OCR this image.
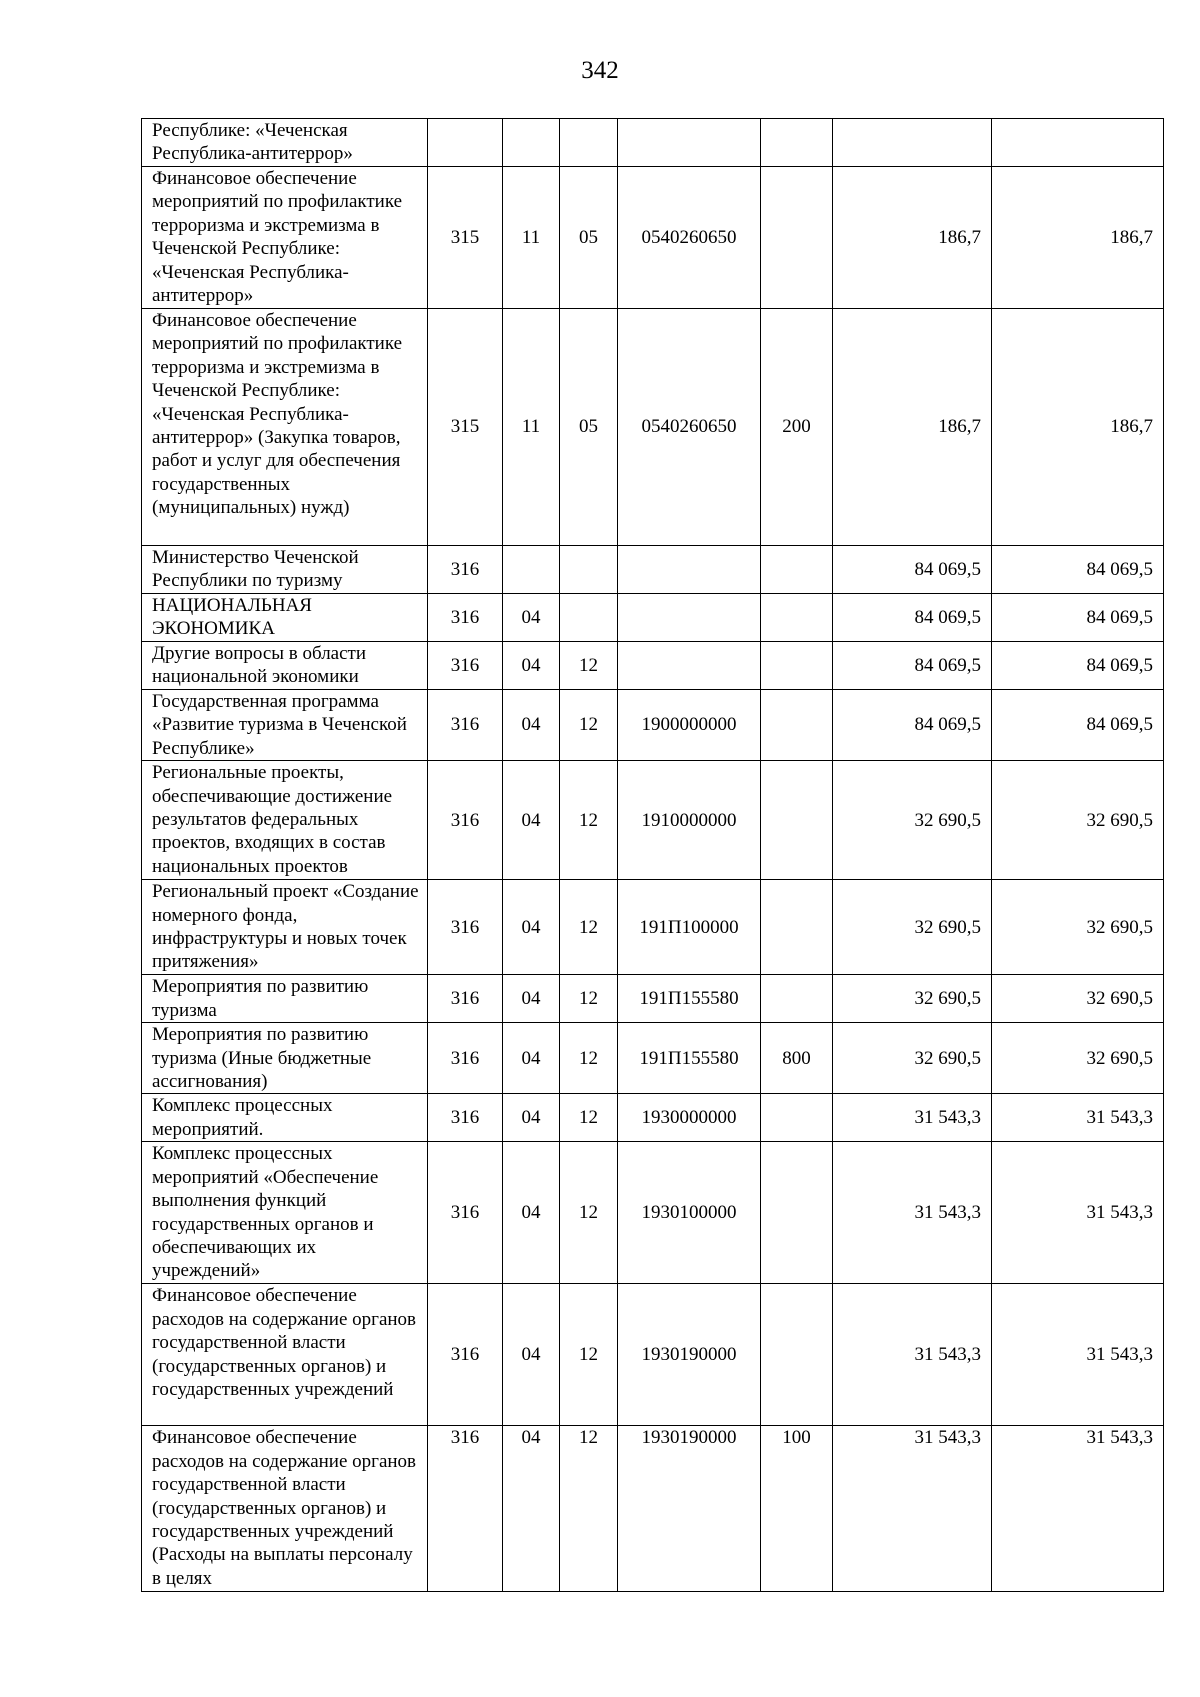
342
Республике: «Чеченская Республика-антитеррор»							
Финансовое обеспечение мероприятий по профилактике терроризма и экстремизма в Чеченской Республике: «Чеченская Республика-антитеррор»	315	11	05	0540260650		186,7	186,7
Финансовое обеспечение мероприятий по профилактике терроризма и экстремизма в Чеченской Республике: «Чеченская Республика-антитеррор» (Закупка товаров, работ и услуг для обеспечения государственных (муниципальных) нужд)	315	11	05	0540260650	200	186,7	186,7
Министерство Чеченской Республики по туризму	316					84 069,5	84 069,5
НАЦИОНАЛЬНАЯ ЭКОНОМИКА	316	04				84 069,5	84 069,5
Другие вопросы в области национальной экономики	316	04	12			84 069,5	84 069,5
Государственная программа «Развитие туризма в Чеченской Республике»	316	04	12	1900000000		84 069,5	84 069,5
Региональные проекты, обеспечивающие достижение результатов федеральных проектов, входящих в состав национальных проектов	316	04	12	1910000000		32 690,5	32 690,5
Региональный проект «Создание номерного фонда, инфраструктуры и новых точек притяжения»	316	04	12	191П100000		32 690,5	32 690,5
Мероприятия по развитию туризма	316	04	12	191П155580		32 690,5	32 690,5
Мероприятия по развитию туризма (Иные бюджетные ассигнования)	316	04	12	191П155580	800	32 690,5	32 690,5
Комплекс процессных мероприятий.	316	04	12	1930000000		31 543,3	31 543,3
Комплекс процессных мероприятий «Обеспечение выполнения функций государственных органов и обеспечивающих их учреждений»	316	04	12	1930100000		31 543,3	31 543,3
Финансовое обеспечение расходов на содержание органов государственной власти (государственных органов) и государственных учреждений	316	04	12	1930190000		31 543,3	31 543,3
Финансовое обеспечение расходов на содержание органов государственной власти (государственных органов) и государственных учреждений (Расходы на выплаты персоналу в целях	316	04	12	1930190000	100	31 543,3	31 543,3
